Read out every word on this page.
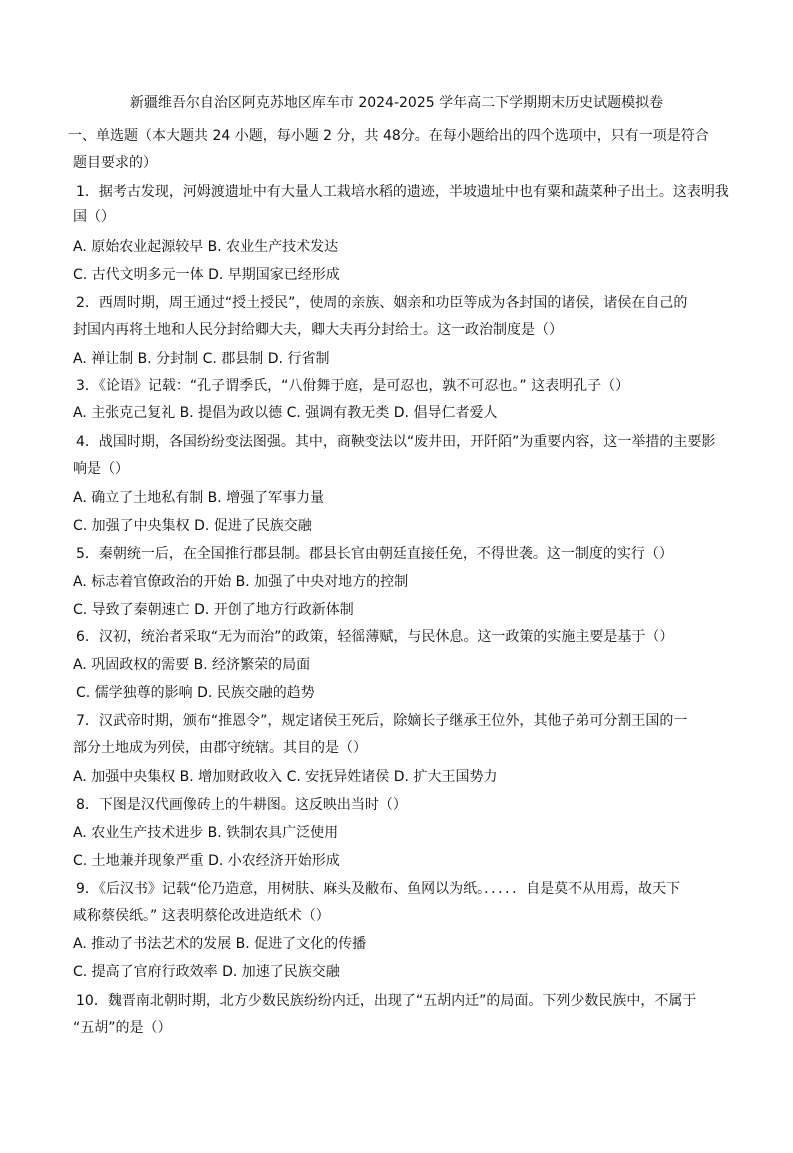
新疆维吾尔自治区阿克苏地区库车市 2024-2025 学年高二下学期期末历史试题模拟卷
一、单选题（本大题共 24 小题，每小题 2 分，共 48分。在每小题给出的四个选项中，只有一项是符合
题目要求的）
1．据考古发现，河姆渡遗址中有大量人工栽培水稻的遗迹，半坡遗址中也有粟和蔬菜种子出土。这表明我
国（）
A. 原始农业起源较早 B. 农业生产技术发达
C. 古代文明多元一体 D. 早期国家已经形成
2．西周时期，周王通过“授土授民”，使周的亲族、姻亲和功臣等成为各封国的诸侯，诸侯在自己的
封国内再将土地和人民分封给卿大夫，卿大夫再分封给士。这一政治制度是（）
A. 禅让制 B. 分封制 C. 郡县制 D. 行省制
3．《论语》记载：“孔子谓季氏，“八佾舞于庭，是可忍也，孰不可忍也。” 这表明孔子（）
A. 主张克己复礼 B. 提倡为政以德 C. 强调有教无类 D. 倡导仁者爱人
4．战国时期，各国纷纷变法图强。其中，商鞅变法以“废井田，开阡陌”为重要内容，这一举措的主要影
响是（）
A. 确立了土地私有制 B. 增强了军事力量
C. 加强了中央集权 D. 促进了民族交融
5．秦朝统一后，在全国推行郡县制。郡县长官由朝廷直接任免，不得世袭。这一制度的实行（）
A. 标志着官僚政治的开始 B. 加强了中央对地方的控制
C. 导致了秦朝速亡 D. 开创了地方行政新体制
6．汉初，统治者采取“无为而治”的政策，轻徭薄赋，与民休息。这一政策的实施主要是基于（）
A. 巩固政权的需要 B. 经济繁荣的局面
C. 儒学独尊的影响 D. 民族交融的趋势
7．汉武帝时期，颁布“推恩令”，规定诸侯王死后，除嫡长子继承王位外，其他子弟可分割王国的一
部分土地成为列侯，由郡守统辖。其目的是（）
A. 加强中央集权 B. 增加财政收入 C. 安抚异姓诸侯 D. 扩大王国势力
8．下图是汉代画像砖上的牛耕图。这反映出当时（）
A. 农业生产技术进步 B. 铁制农具广泛使用
C. 土地兼并现象严重 D. 小农经济开始形成
9．《后汉书》记载“伦乃造意，用树肤、麻头及敝布、鱼网以为纸。．．．．．自是莫不从用焉，故天下
咸称蔡侯纸。” 这表明蔡伦改进造纸术（）
A. 推动了书法艺术的发展 B. 促进了文化的传播
C. 提高了官府行政效率 D. 加速了民族交融
10．魏晋南北朝时期，北方少数民族纷纷内迁，出现了“五胡内迁”的局面。下列少数民族中，不属于
“五胡”的是（）
